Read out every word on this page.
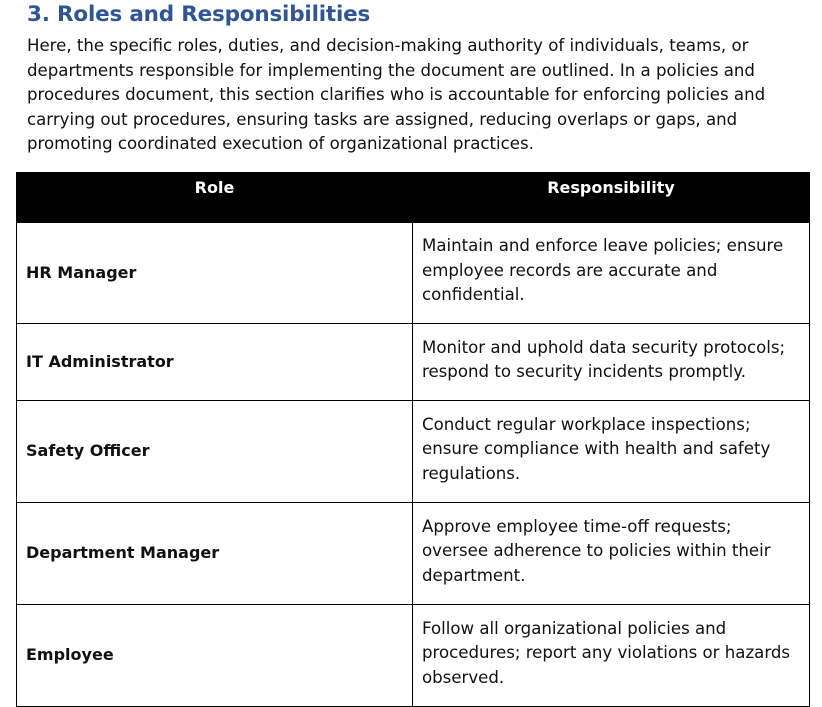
3. Roles and Responsibilities

Here, the specific roles, duties, and decision-making authority of individuals, teams, or departments responsible for implementing the document are outlined. In a policies and procedures document, this section clarifies who is accountable for enforcing policies and carrying out procedures, ensuring tasks are assigned, reducing overlaps or gaps, and promoting coordinated execution of organizational practices.

Role	Responsibility
HR Manager	Maintain and enforce leave policies; ensure employee records are accurate and confidential.
IT Administrator	Monitor and uphold data security protocols; respond to security incidents promptly.
Safety Officer	Conduct regular workplace inspections; ensure compliance with health and safety regulations.
Department Manager	Approve employee time-off requests; oversee adherence to policies within their department.
Employee	Follow all organizational policies and procedures; report any violations or hazards observed.
